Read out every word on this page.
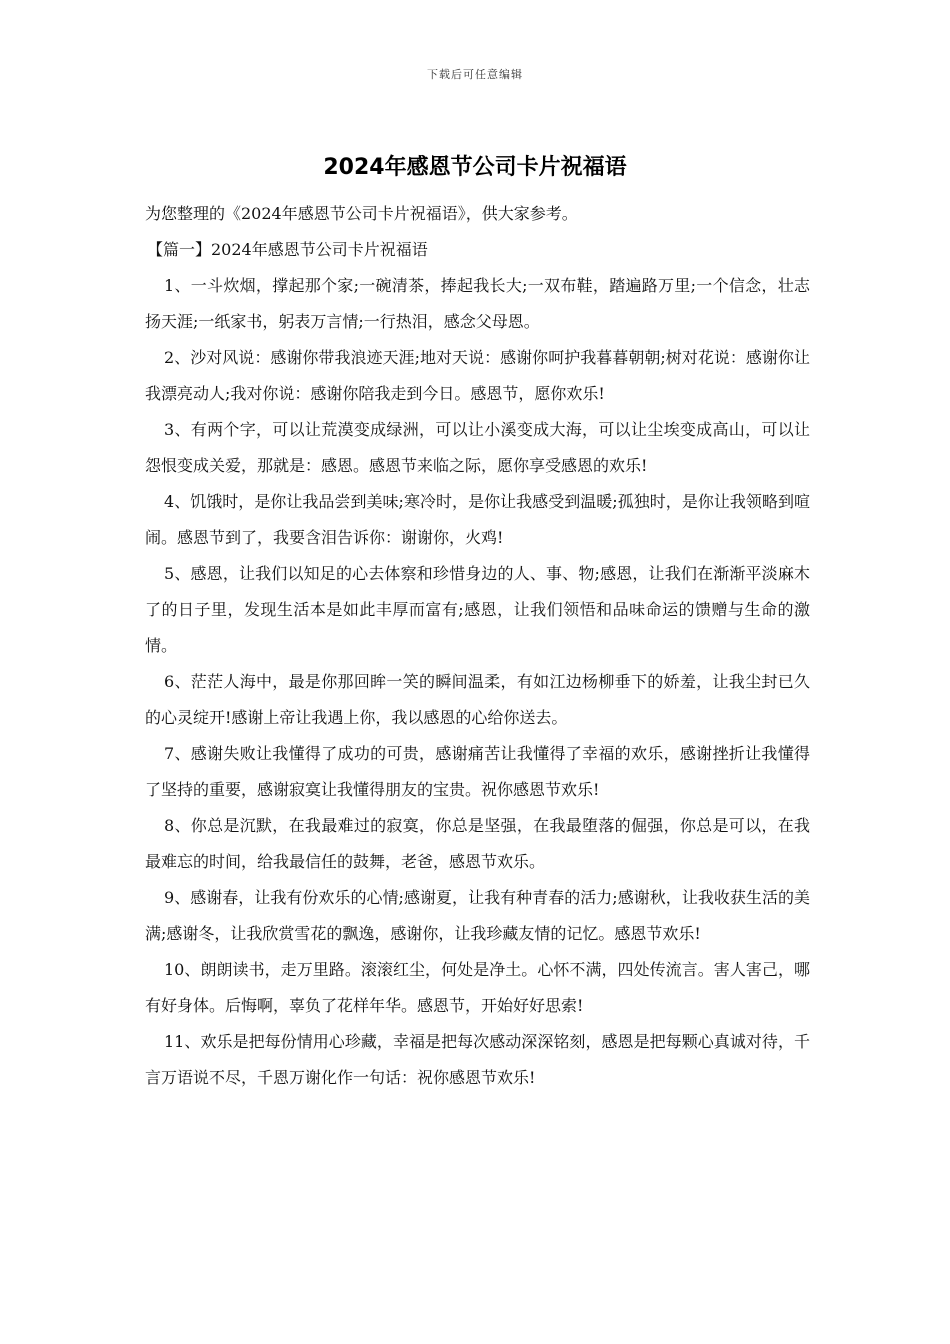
下载后可任意编辑
2024年感恩节公司卡片祝福语

为您整理的《2024年感恩节公司卡片祝福语》，供大家参考。

【篇一】2024年感恩节公司卡片祝福语

1、一斗炊烟，撑起那个家;一碗清茶，捧起我长大;一双布鞋，踏遍路万里;一个信念，壮志扬天涯;一纸家书，躬表万言情;一行热泪，感念父母恩。

2、沙对风说：感谢你带我浪迹天涯;地对天说：感谢你呵护我暮暮朝朝;树对花说：感谢你让我漂亮动人;我对你说：感谢你陪我走到今日。感恩节，愿你欢乐!

3、有两个字，可以让荒漠变成绿洲，可以让小溪变成大海，可以让尘埃变成高山，可以让怨恨变成关爱，那就是：感恩。感恩节来临之际，愿你享受感恩的欢乐!

4、饥饿时，是你让我品尝到美味;寒冷时，是你让我感受到温暖;孤独时，是你让我领略到喧闹。感恩节到了，我要含泪告诉你：谢谢你，火鸡!

5、感恩，让我们以知足的心去体察和珍惜身边的人、事、物;感恩，让我们在渐渐平淡麻木了的日子里，发现生活本是如此丰厚而富有;感恩，让我们领悟和品味命运的馈赠与生命的激情。

6、茫茫人海中，最是你那回眸一笑的瞬间温柔，有如江边杨柳垂下的娇羞，让我尘封已久的心灵绽开!感谢上帝让我遇上你，我以感恩的心给你送去。

7、感谢失败让我懂得了成功的可贵，感谢痛苦让我懂得了幸福的欢乐，感谢挫折让我懂得了坚持的重要，感谢寂寞让我懂得朋友的宝贵。祝你感恩节欢乐!

8、你总是沉默，在我最难过的寂寞，你总是坚强，在我最堕落的倔强，你总是可以，在我最难忘的时间，给我最信任的鼓舞，老爸，感恩节欢乐。

9、感谢春，让我有份欢乐的心情;感谢夏，让我有种青春的活力;感谢秋，让我收获生活的美满;感谢冬，让我欣赏雪花的飘逸，感谢你，让我珍藏友情的记忆。感恩节欢乐!

10、朗朗读书，走万里路。滚滚红尘，何处是净土。心怀不满，四处传流言。害人害己，哪有好身体。后悔啊，辜负了花样年华。感恩节，开始好好思索!

11、欢乐是把每份情用心珍藏，幸福是把每次感动深深铭刻，感恩是把每颗心真诚对待，千言万语说不尽，千恩万谢化作一句话：祝你感恩节欢乐!
